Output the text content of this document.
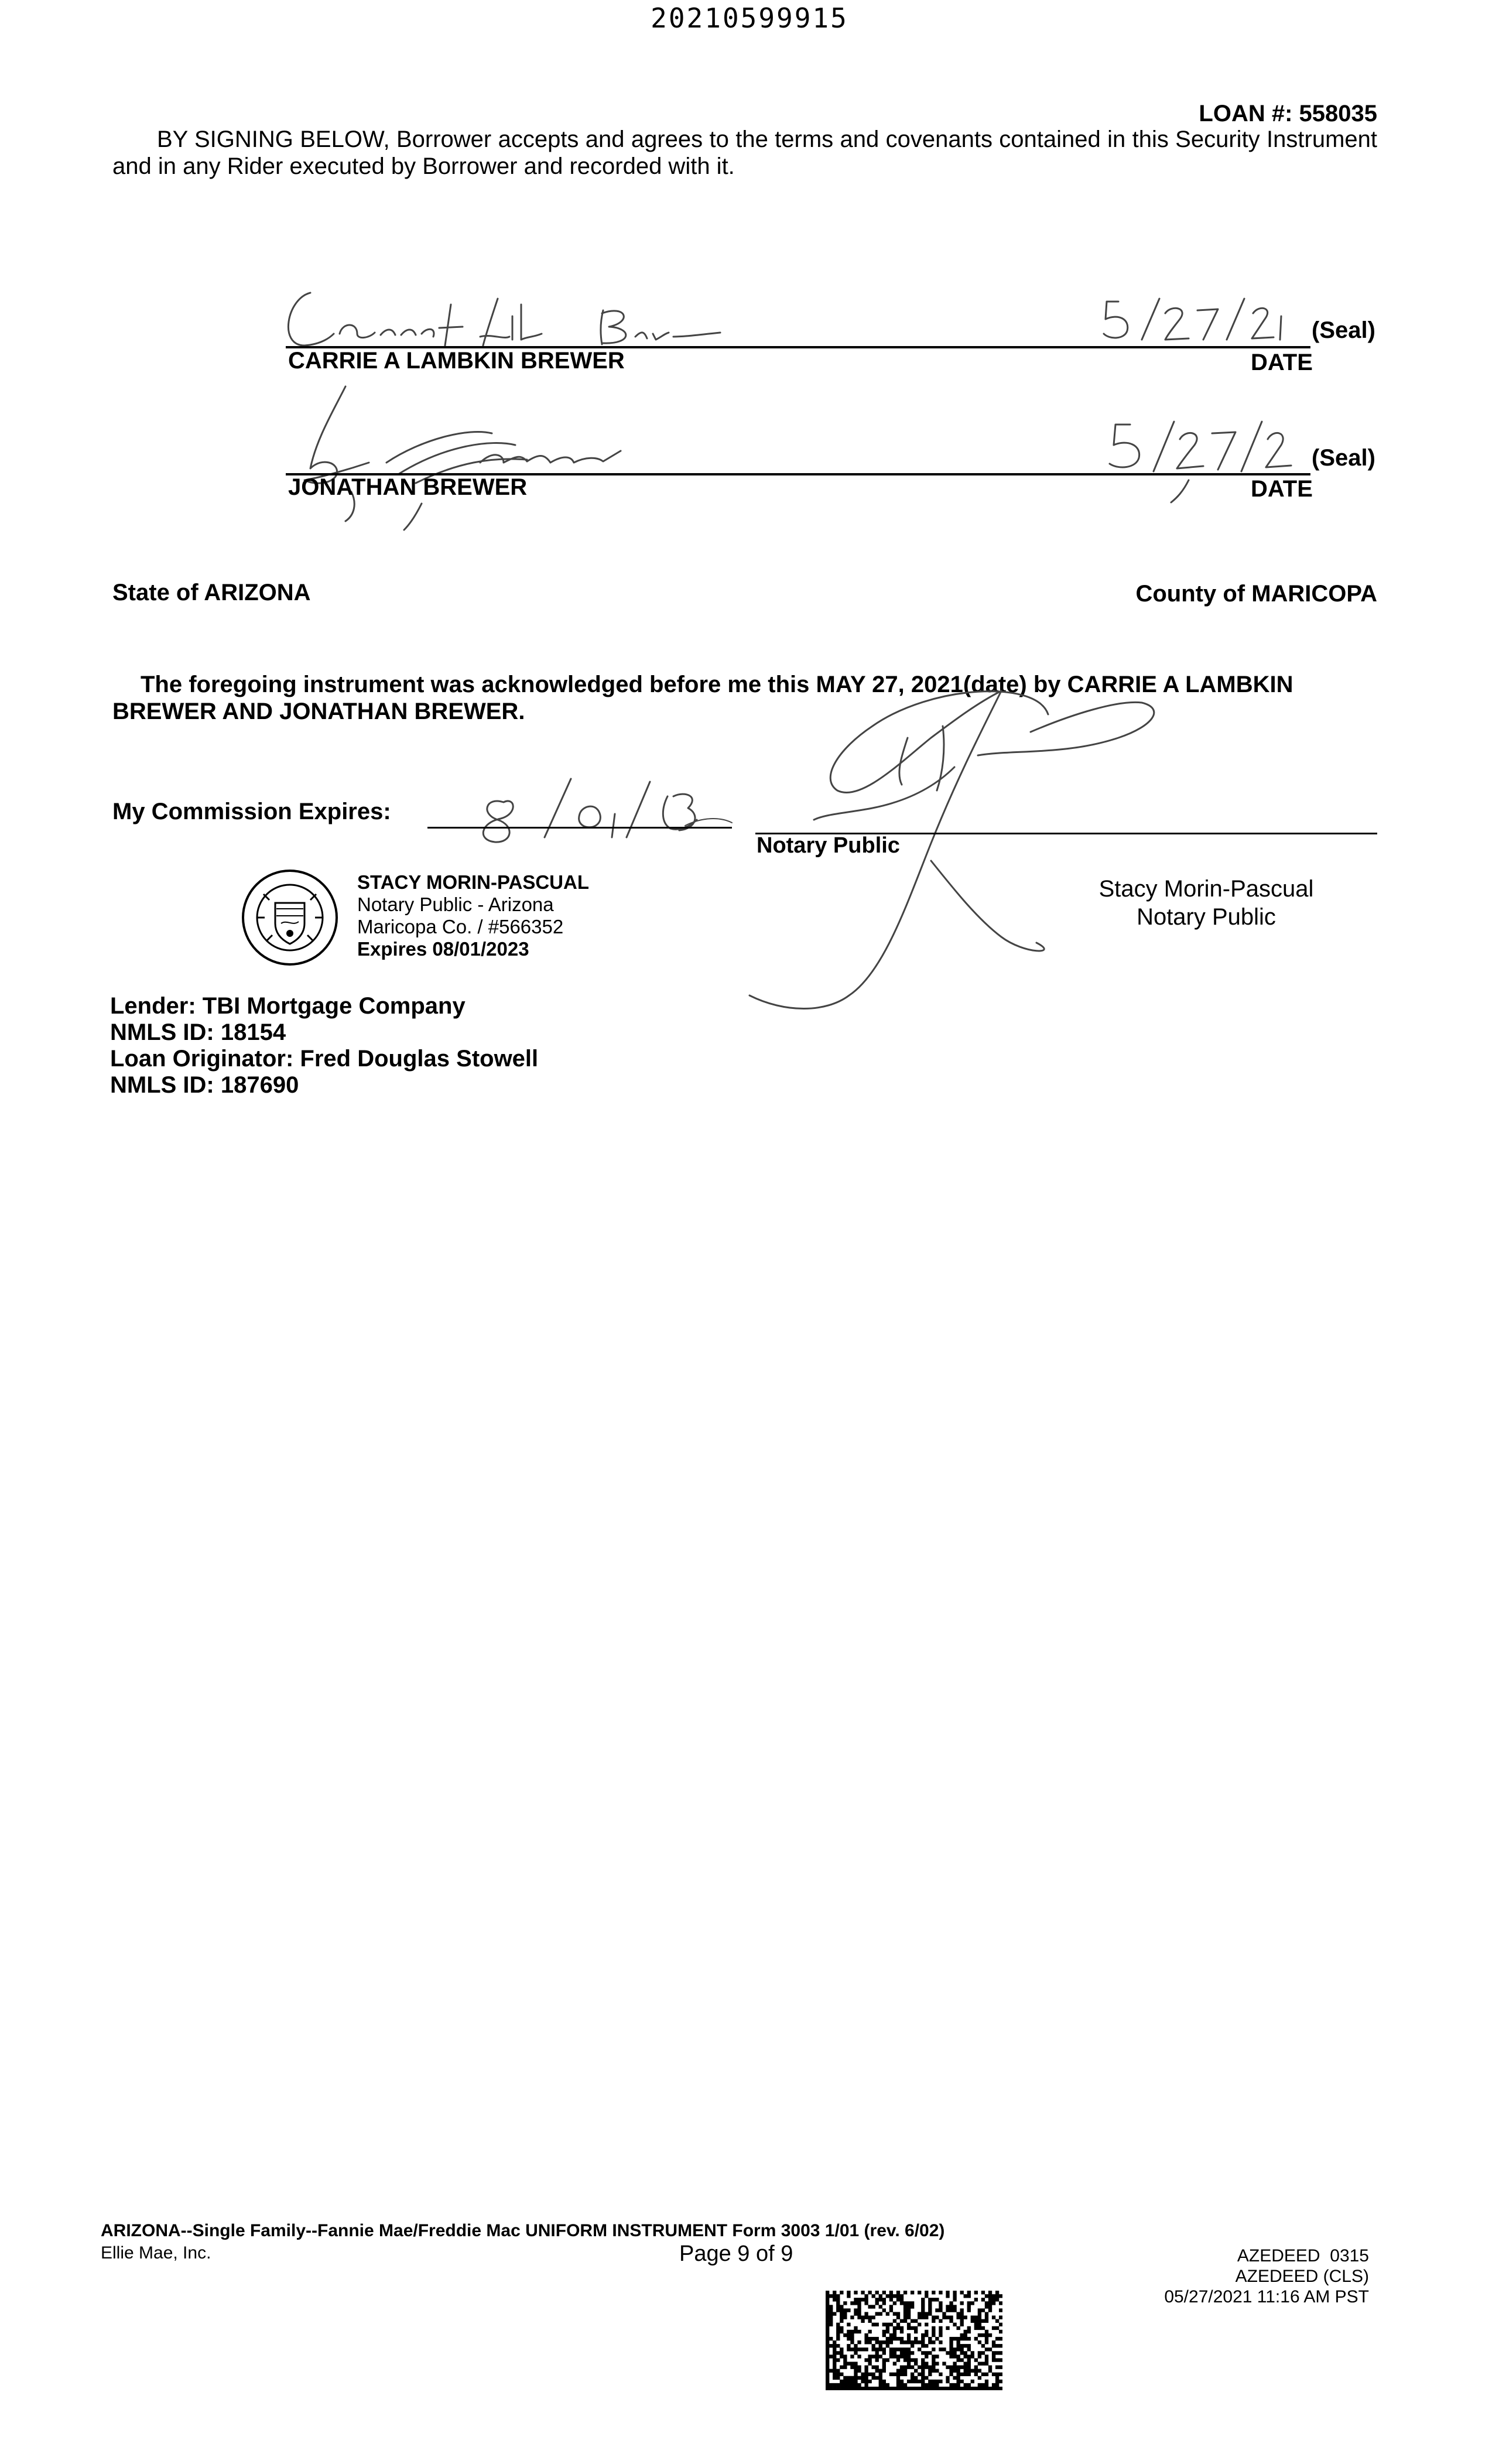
20210599915
LOAN #: 558035
BY SIGNING BELOW, Borrower accepts and agrees to the terms and covenants contained in this Security Instrument and in any Rider executed by Borrower and recorded with it.
(Seal)
CARRIE A LAMBKIN BREWER	DATE
(Seal)
JONATHAN BREWER	DATE
State of ARIZONA	County of MARICOPA
The foregoing instrument was acknowledged before me this MAY 27, 2021(date) by CARRIE A LAMBKIN BREWER AND JONATHAN BREWER.
My Commission Expires:
Notary Public
STACY MORIN-PASCUAL
Notary Public - Arizona
Maricopa Co. / #566352
Expires 08/01/2023
Stacy Morin-Pascual
Notary Public
Lender: TBI Mortgage Company
NMLS ID: 18154
Loan Originator: Fred Douglas Stowell
NMLS ID: 187690
ARIZONA--Single Family--Fannie Mae/Freddie Mac UNIFORM INSTRUMENT Form 3003 1/01 (rev. 6/02)
Ellie Mae, Inc.	Page 9 of 9	AZEDEED  0315
AZEDEED (CLS)
05/27/2021 11:16 AM PST
